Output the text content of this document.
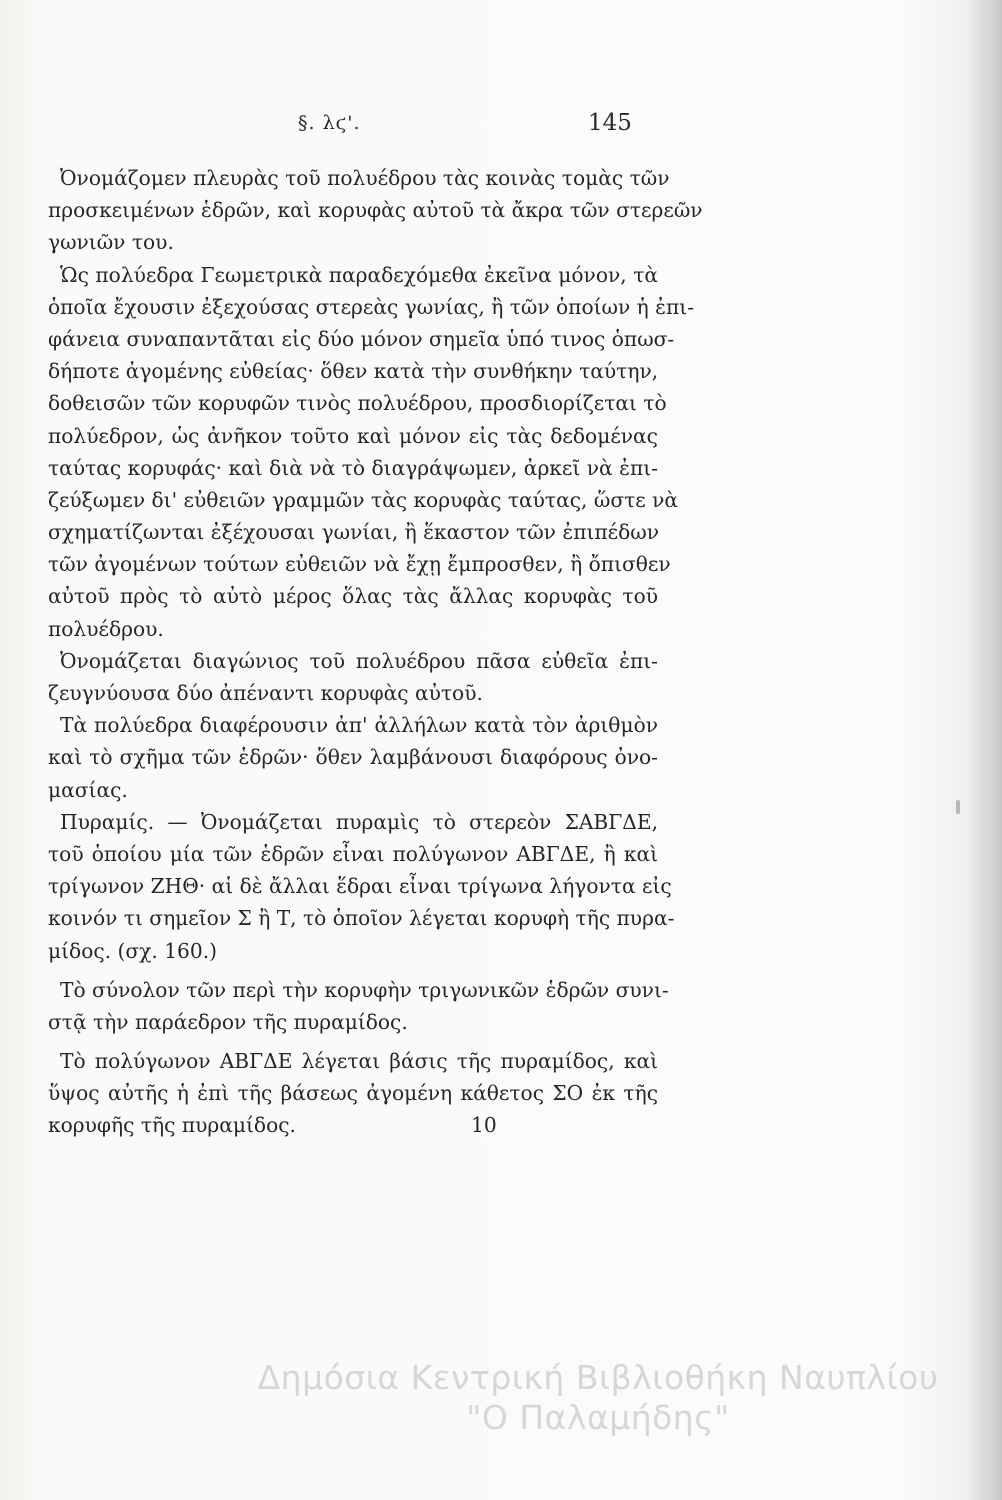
§. λϛ'.	145
Ὀνομάζομεν πλευρὰς τοῦ πολυέδρου τὰς κοινὰς τομὰς τῶν
προσκειμένων ἑδρῶν, καὶ κορυφὰς αὐτοῦ τὰ ἄκρα τῶν στερεῶν
γωνιῶν του.
Ὡς πολύεδρα Γεωμετρικὰ παραδεχόμεθα ἐκεῖνα μόνον, τὰ
ὁποῖα ἔχουσιν ἐξεχούσας στερεὰς γωνίας, ἢ τῶν ὁποίων ἡ ἐπι-
φάνεια συναπαντᾶται εἰς δύο μόνον σημεῖα ὑπό τινος ὁπωσ-
δήποτε ἀγομένης εὐθείας· ὅθεν κατὰ τὴν συνθήκην ταύτην,
δοθεισῶν τῶν κορυφῶν τινὸς πολυέδρου, προσδιορίζεται τὸ
πολύεδρον, ὡς ἀνῆκον τοῦτο καὶ μόνον εἰς τὰς δεδομένας
ταύτας κορυφάς· καὶ διὰ νὰ τὸ διαγράψωμεν, ἀρκεῖ νὰ ἐπι-
ζεύξωμεν δι' εὐθειῶν γραμμῶν τὰς κορυφὰς ταύτας, ὥστε νὰ
σχηματίζωνται ἐξέχουσαι γωνίαι, ἢ ἕκαστον τῶν ἐπιπέδων
τῶν ἀγομένων τούτων εὐθειῶν νὰ ἔχῃ ἔμπροσθεν, ἢ ὄπισθεν
αὐτοῦ πρὸς τὸ αὐτὸ μέρος ὅλας τὰς ἄλλας κορυφὰς τοῦ
πολυέδρου.
Ὀνομάζεται διαγώνιος τοῦ πολυέδρου πᾶσα εὐθεῖα ἐπι-
ζευγνύουσα δύο ἀπέναντι κορυφὰς αὐτοῦ.
Τὰ πολύεδρα διαφέρουσιν ἀπ' ἀλλήλων κατὰ τὸν ἀριθμὸν
καὶ τὸ σχῆμα τῶν ἑδρῶν· ὅθεν λαμβάνουσι διαφόρους ὀνο-
μασίας.
Πυραμίς. — Ὀνομάζεται πυραμὶς τὸ στερεὸν ΣΑΒΓΔΕ,
τοῦ ὁποίου μία τῶν ἑδρῶν εἶναι πολύγωνον ΑΒΓΔΕ, ἢ καὶ
τρίγωνον ΖΗΘ· αἱ δὲ ἄλλαι ἕδραι εἶναι τρίγωνα λήγοντα εἰς
κοινόν τι σημεῖον Σ ἢ Τ, τὸ ὁποῖον λέγεται κορυφὴ τῆς πυρα-
μίδος. (σχ. 160.)
Τὸ σύνολον τῶν περὶ τὴν κορυφὴν τριγωνικῶν ἑδρῶν συνι-
στᾷ τὴν παράεδρον τῆς πυραμίδος.
Τὸ πολύγωνον ΑΒΓΔΕ λέγεται βάσις τῆς πυραμίδος, καὶ
ὕψος αὐτῆς ἡ ἐπὶ τῆς βάσεως ἀγομένη κάθετος ΣΟ ἐκ τῆς
κορυφῆς τῆς πυραμίδος.	10
Δημόσια Κεντρική Βιβλιοθήκη Ναυπλίου
"Ο Παλαμήδης"
